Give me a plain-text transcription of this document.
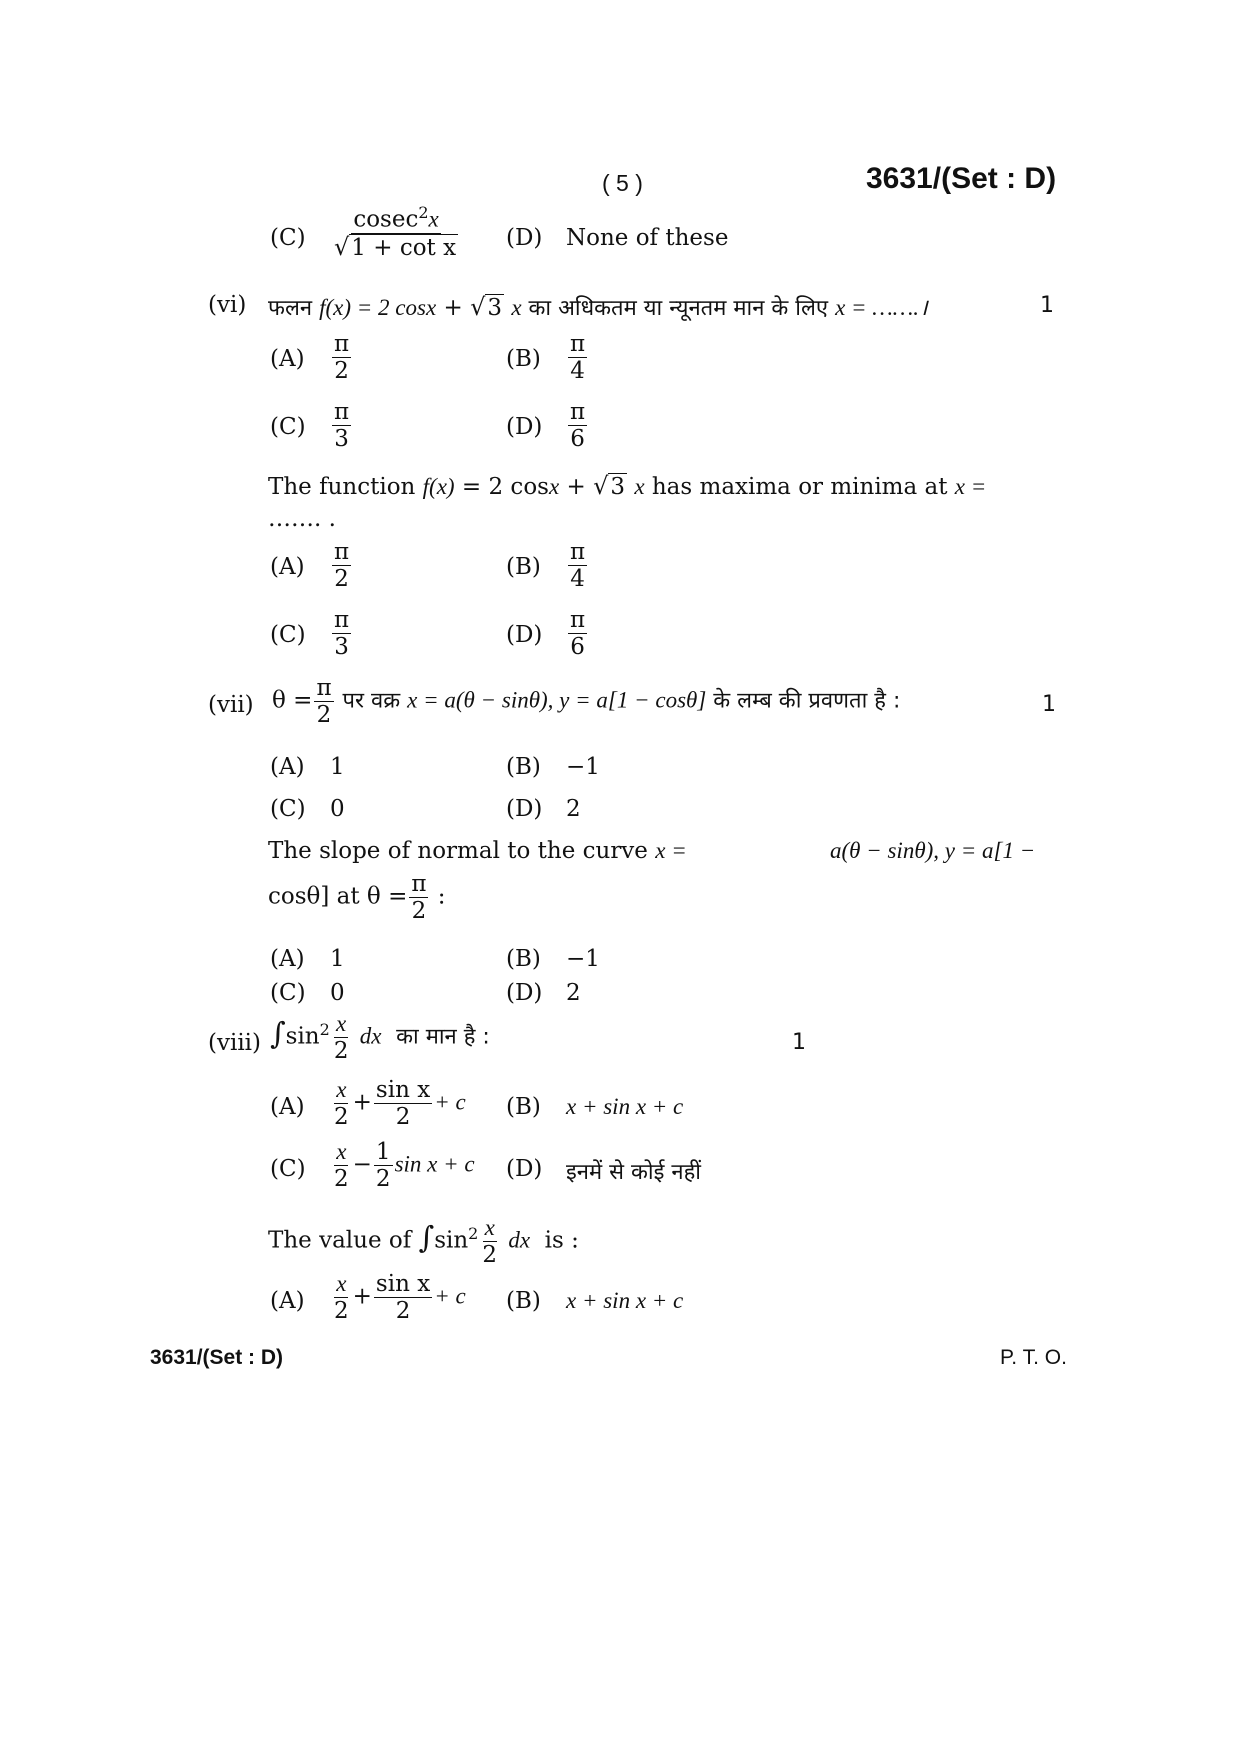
( 5 )	3631/(Set : D)
$(C) \frac{cosec^2x}{\text{√1 + cot x}} (D)$ None of these
(vi) फलन f(x) = 2 cosx + √3 x का अधिकतम या न्यूनतम मान के लिए x = …….।	1
$(A) \frac{\pi}{2}$	$(B) \frac{\pi}{4}$
$(C) \frac{\pi}{3}$	$(D) \frac{\pi}{6}$
The function f(x) = 2 cosx + √3 x has maxima or minima at x =
……. .
$(A) \frac{\pi}{2}$	$(B) \frac{\pi}{4}$
$(C) \frac{\pi}{3}$	$(D) \frac{\pi}{6}$
(vii) $\theta = \frac{\pi}{2}$ पर वक्र x = a(θ − sinθ), y = a[1 − cosθ] के लम्ब की प्रवणता है :	1
(A) 1	(B) −1
(C) 0	(D) 2
The slope of normal to the curve x =	a(θ − sinθ), y = a[1 −
cosθ] at $\theta = \frac{\pi}{2}$ :
(A) 1	(B) −1
(C) 0	(D) 2
(viii) $\int\sin^2 \frac{x}{2}$ dx का मान है :	1
$(A) \frac{x}{2} + \frac{\text{sin x}}{2} + c$ (B) x + sin x + c
$(C) \frac{x}{2} - \frac{1}{2}$ sin x + c (D) इनमें से कोई नहीं
The value of $\int\sin^2 \frac{x}{2}$ dx is :
$(A) \frac{x}{2} + \frac{\text{sin x}}{2} + c$ (B) x + sin x + c
3631/(Set : D)	P. T. O.
